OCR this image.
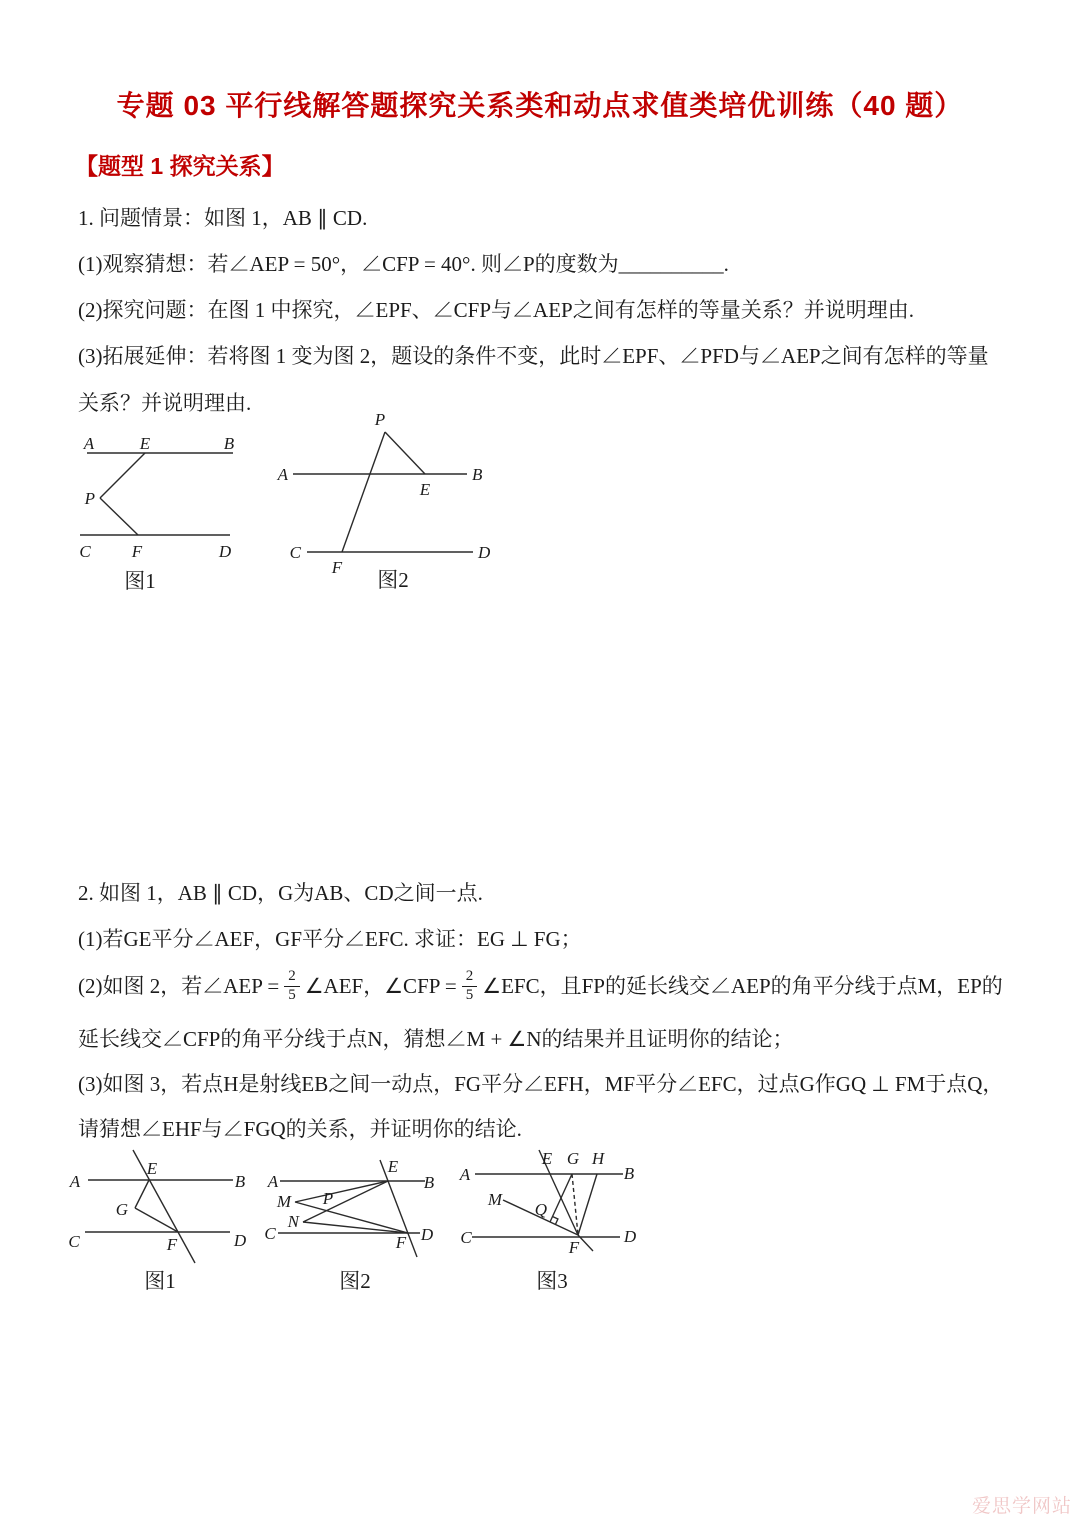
专题 03 平行线解答题探究关系类和动点求值类培优训练（40 题）
【题型 1 探究关系】
1. 问题情景：如图 1，AB ∥ CD.
(1)观察猜想：若∠AEP = 50°，∠CFP = 40°. 则∠P的度数为__________.
(2)探究问题：在图 1 中探究，∠EPF、∠CFP与∠AEP之间有怎样的等量关系？并说明理由.
(3)拓展延伸：若将图 1 变为图 2，题设的条件不变，此时∠EPF、∠PFD与∠AEP之间有怎样的等量
关系？并说明理由.
A	E	B
P
C F	D
图1
P
A
E
B
C
F
D
图2
2. 如图 1，AB ∥ CD，G为AB、CD之间一点.
(1)若GE平分∠AEF，GF平分∠EFC. 求证：EG ⊥ FG；
(2)如图 2，若∠AEP = $\frac{2}{5}$ ∠AEF，∠CFP = $\frac{2}{5}$ ∠EFC，且FP的延长线交∠AEP的角平分线于点M，EP的
延长线交∠CFP的角平分线于点N，猜想∠M + ∠N的结果并且证明你的结论；
(3)如图 3，若点H是射线EB之间一动点，FG平分∠EFH，MF平分∠EFC，过点G作GQ ⊥ FM于点Q，
请猜想∠EHF与∠FGQ的关系，并证明你的结论.
A
E
B
G
C	F	D
图1
A
E
B
M P
N
C	F D
图2
A
E G H
B
M
Q
C
F
D
图3
爱思学网站
